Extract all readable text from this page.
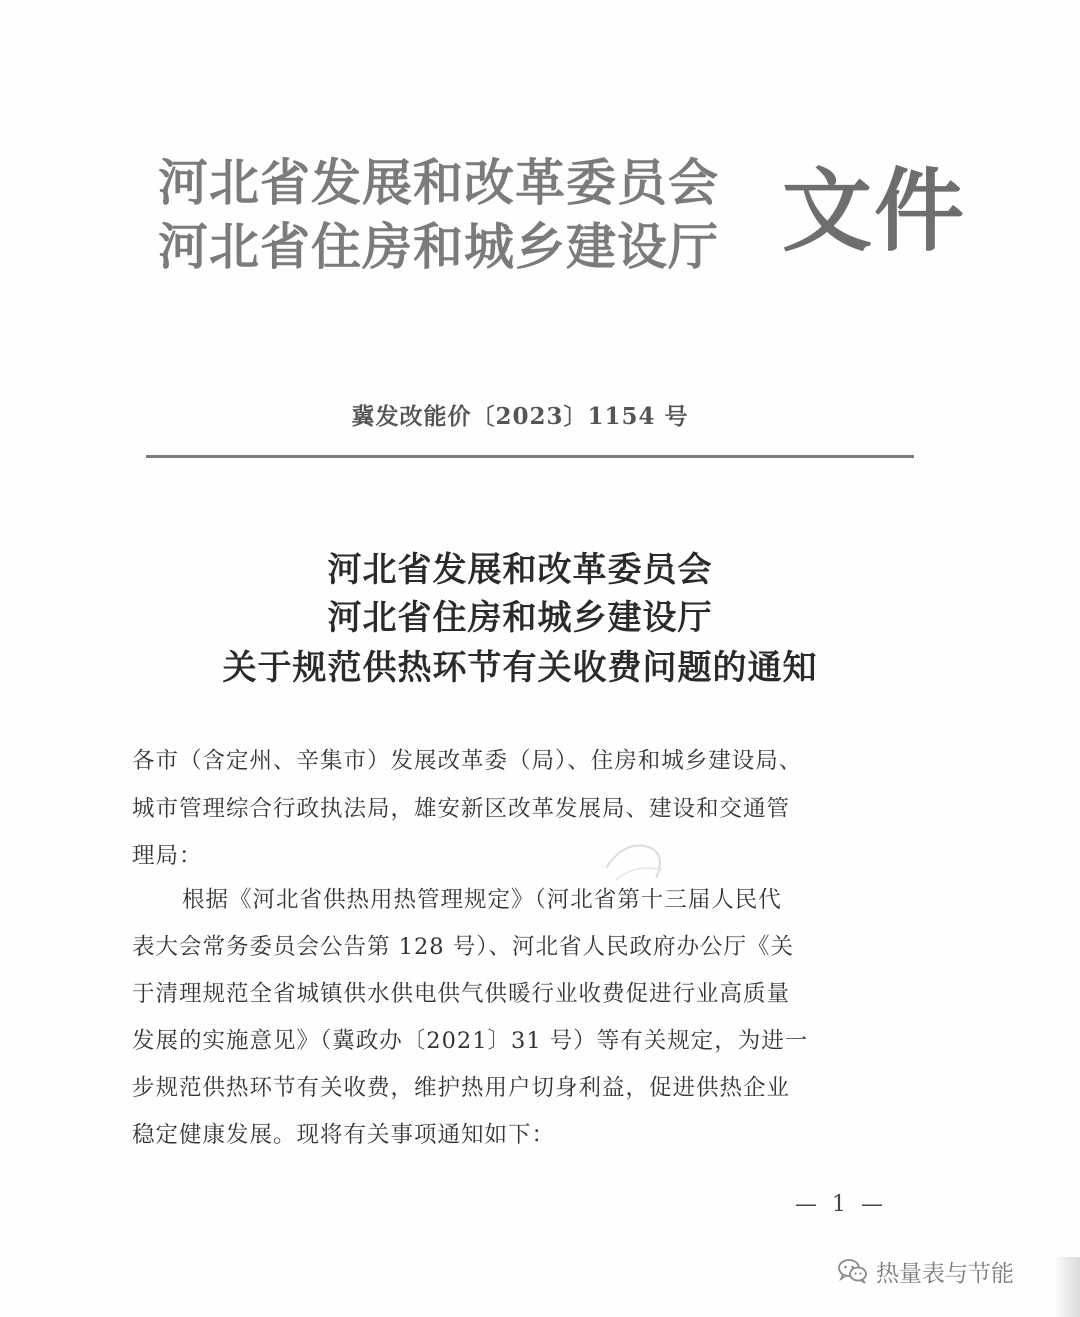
河北省发展和改革委员会
河北省住房和城乡建设厅 文件
冀发改能价〔2023〕1154 号
河北省发展和改革委员会
河北省住房和城乡建设厅
关于规范供热环节有关收费问题的通知
各市（含定州、辛集市）发展改革委（局）、住房和城乡建设局、
城市管理综合行政执法局，雄安新区改革发展局、建设和交通管
理局：
根据《河北省供热用热管理规定》（河北省第十三届人民代
表大会常务委员会公告第 128 号）、河北省人民政府办公厅《关
于清理规范全省城镇供水供电供气供暖行业收费促进行业高质量
发展的实施意见》（冀政办〔2021〕31 号）等有关规定，为进一
步规范供热环节有关收费，维护热用户切身利益，促进供热企业
稳定健康发展。现将有关事项通知如下：
— 1 —
热量表与节能
